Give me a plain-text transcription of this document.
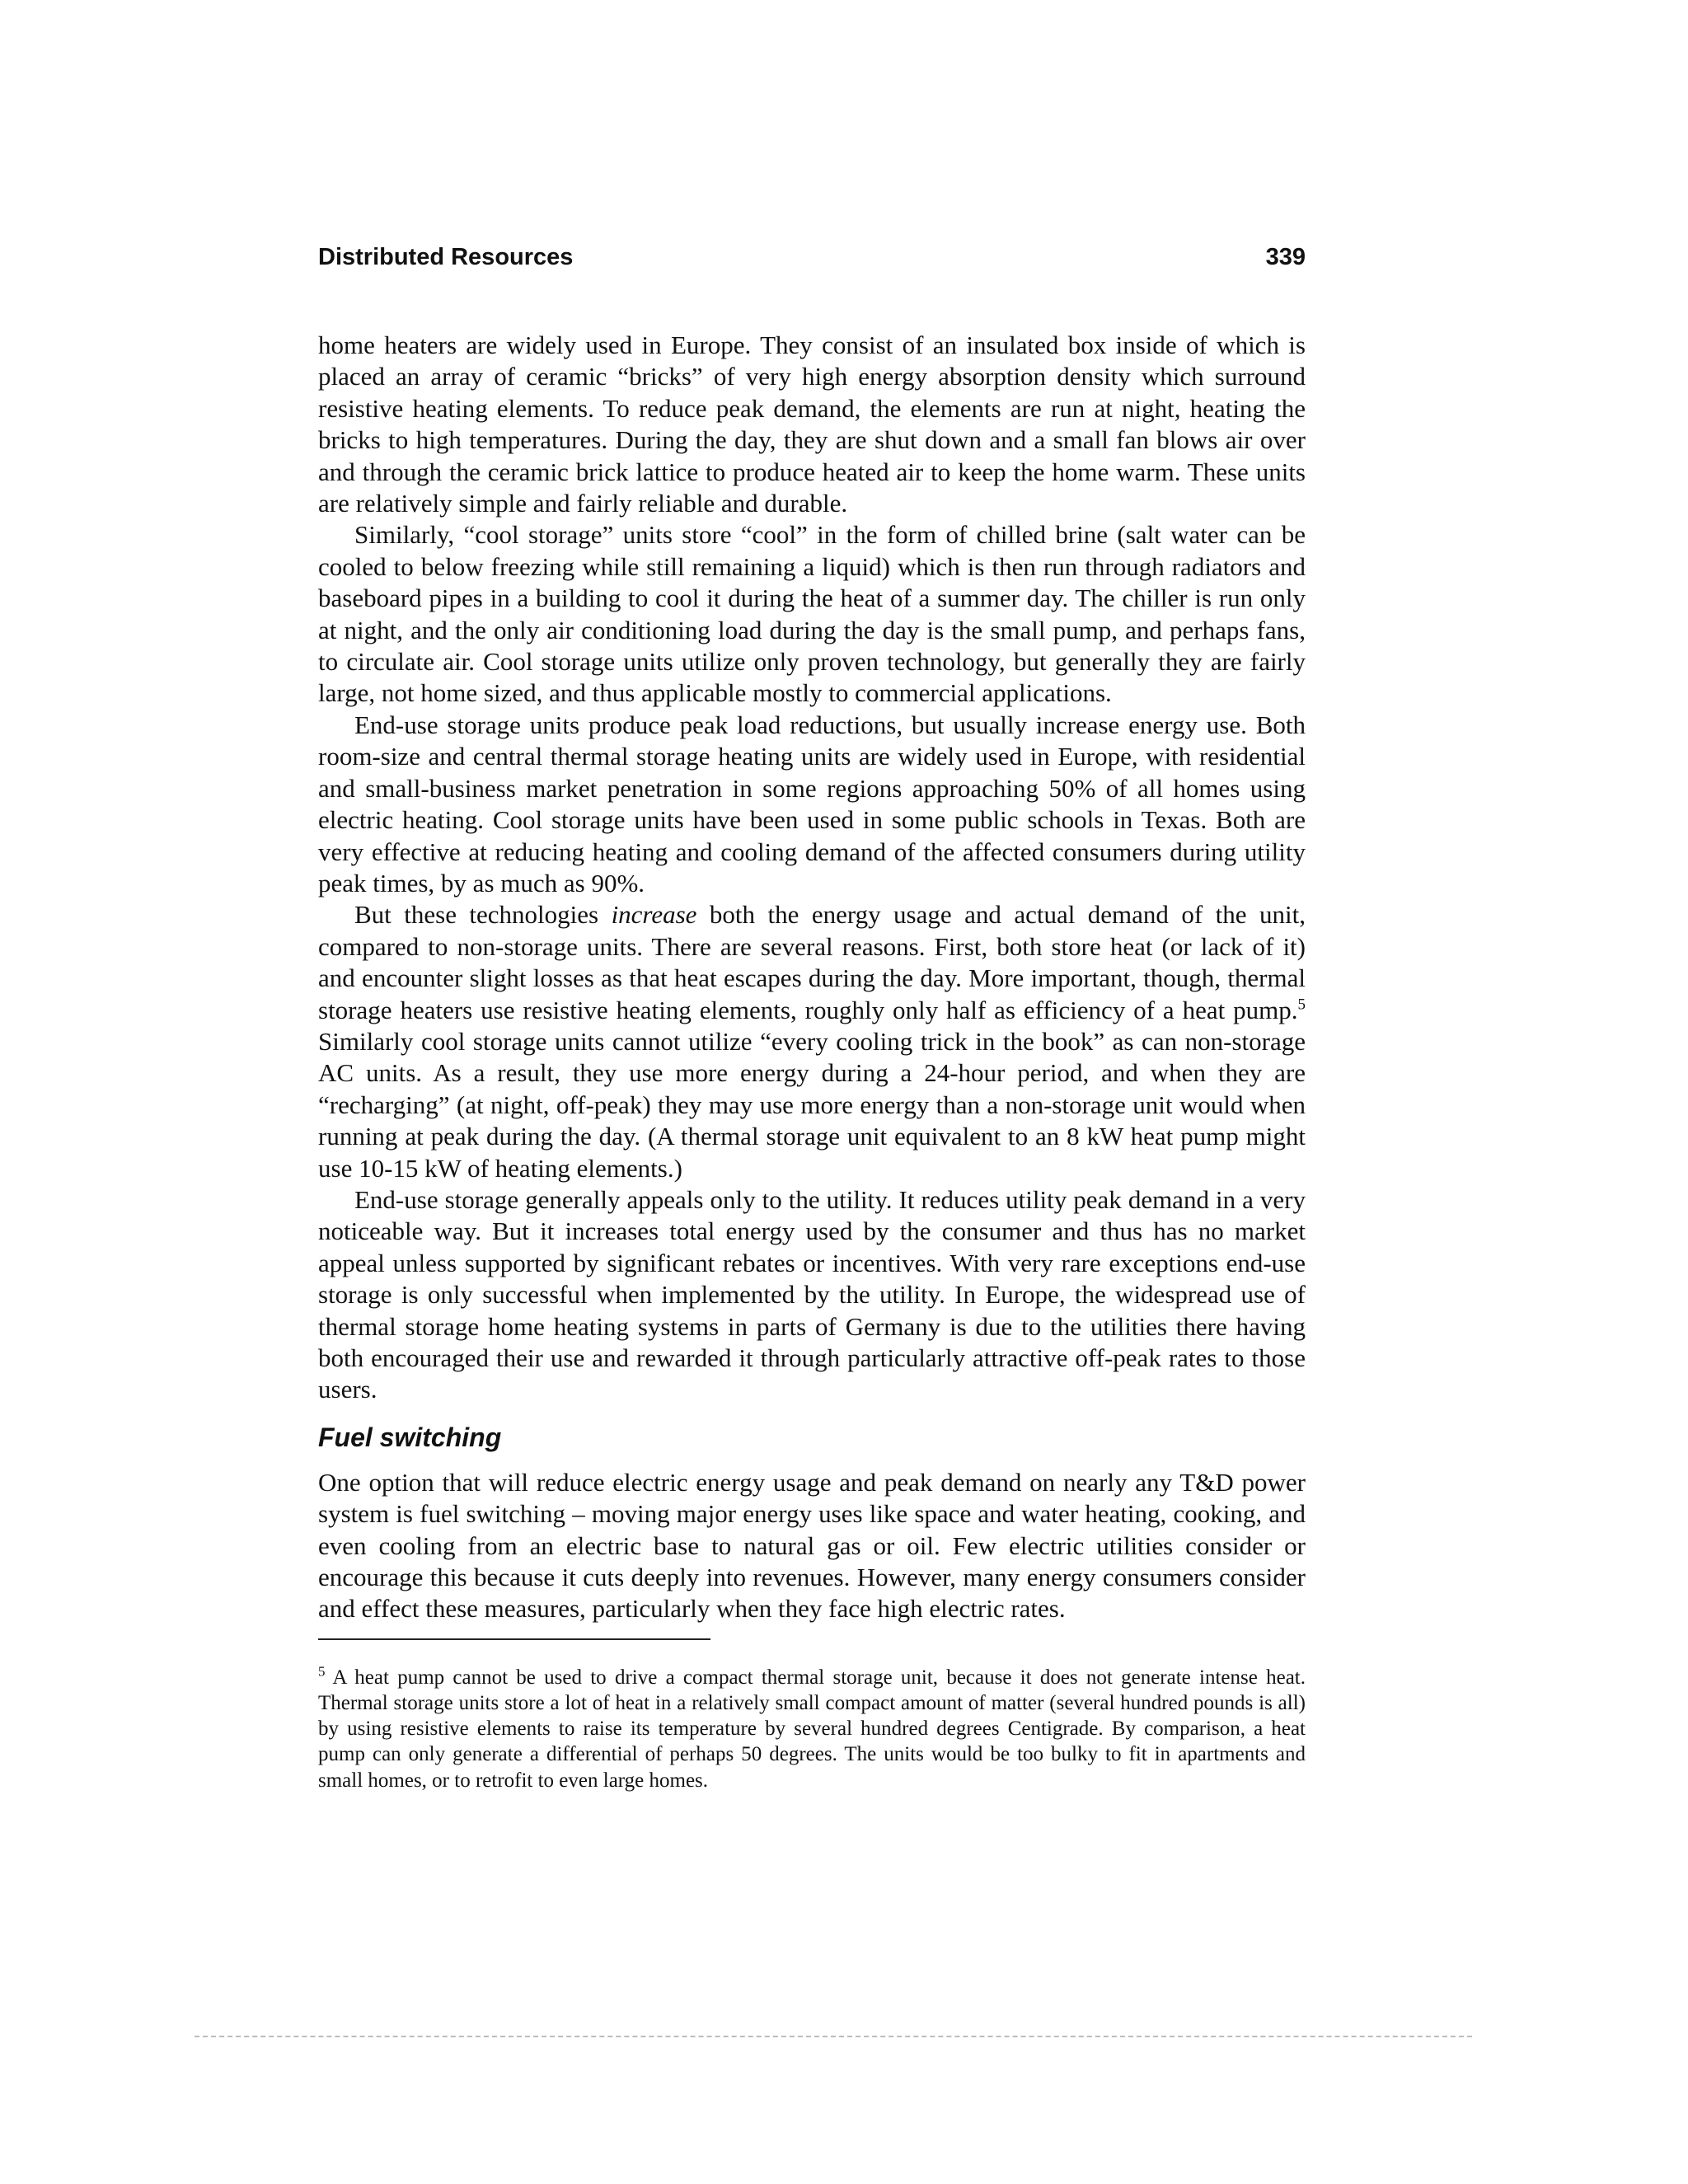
Distributed Resources	339

home heaters are widely used in Europe. They consist of an insulated box inside of which is placed an array of ceramic “bricks” of very high energy absorption density which surround resistive heating elements. To reduce peak demand, the elements are run at night, heating the bricks to high temperatures. During the day, they are shut down and a small fan blows air over and through the ceramic brick lattice to produce heated air to keep the home warm. These units are relatively simple and fairly reliable and durable.

Similarly, “cool storage” units store “cool” in the form of chilled brine (salt water can be cooled to below freezing while still remaining a liquid) which is then run through radiators and baseboard pipes in a building to cool it during the heat of a summer day. The chiller is run only at night, and the only air conditioning load during the day is the small pump, and perhaps fans, to circulate air. Cool storage units utilize only proven technology, but generally they are fairly large, not home sized, and thus applicable mostly to commercial applications.

End-use storage units produce peak load reductions, but usually increase energy use. Both room-size and central thermal storage heating units are widely used in Europe, with residential and small-business market penetration in some regions approaching 50% of all homes using electric heating. Cool storage units have been used in some public schools in Texas. Both are very effective at reducing heating and cooling demand of the affected consumers during utility peak times, by as much as 90%.

But these technologies increase both the energy usage and actual demand of the unit, compared to non-storage units. There are several reasons. First, both store heat (or lack of it) and encounter slight losses as that heat escapes during the day. More important, though, thermal storage heaters use resistive heating elements, roughly only half as efficiency of a heat pump.$^5$ Similarly cool storage units cannot utilize “every cooling trick in the book” as can non-storage AC units. As a result, they use more energy during a 24-hour period, and when they are “recharging” (at night, off-peak) they may use more energy than a non-storage unit would when running at peak during the day. (A thermal storage unit equivalent to an 8 kW heat pump might use 10-15 kW of heating elements.)

End-use storage generally appeals only to the utility. It reduces utility peak demand in a very noticeable way. But it increases total energy used by the consumer and thus has no market appeal unless supported by significant rebates or incentives. With very rare exceptions end-use storage is only successful when implemented by the utility. In Europe, the widespread use of thermal storage home heating systems in parts of Germany is due to the utilities there having both encouraged their use and rewarded it through particularly attractive off-peak rates to those users.

Fuel switching

One option that will reduce electric energy usage and peak demand on nearly any T&D power system is fuel switching – moving major energy uses like space and water heating, cooking, and even cooling from an electric base to natural gas or oil. Few electric utilities consider or encourage this because it cuts deeply into revenues. However, many energy consumers consider and effect these measures, particularly when they face high electric rates.

$^5$ A heat pump cannot be used to drive a compact thermal storage unit, because it does not generate intense heat. Thermal storage units store a lot of heat in a relatively small compact amount of matter (several hundred pounds is all) by using resistive elements to raise its temperature by several hundred degrees Centigrade. By comparison, a heat pump can only generate a differential of perhaps 50 degrees. The units would be too bulky to fit in apartments and small homes, or to retrofit to even large homes.
